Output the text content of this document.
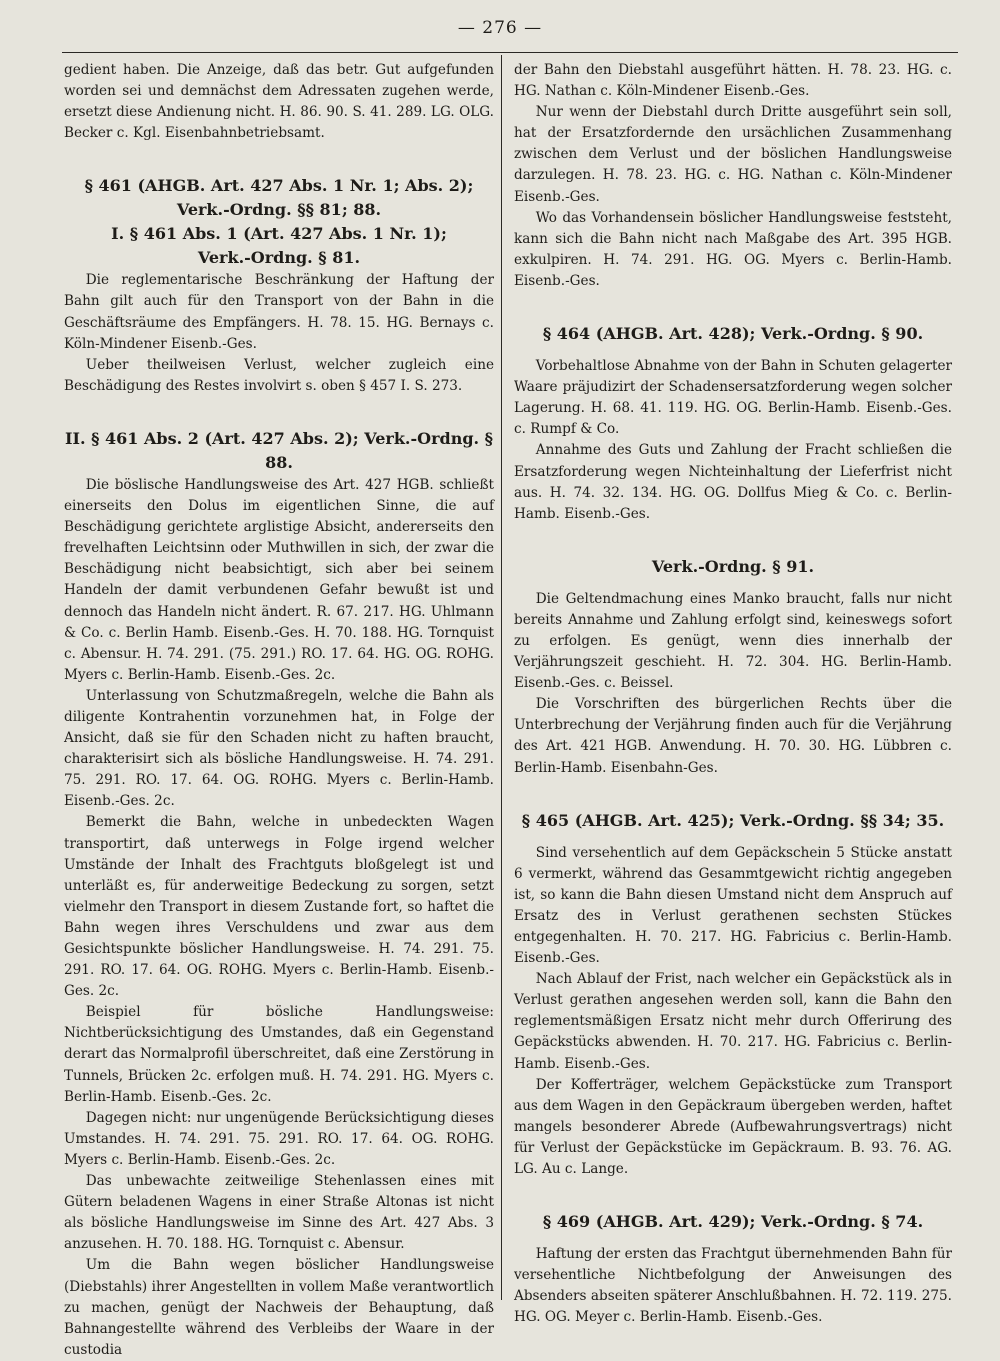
— 276 —

gedient haben. Die Anzeige, daß das betr. Gut aufgefunden worden sei und demnächst dem Adressaten zugehen werde, ersetzt diese Andienung nicht. H. 86. 90. S. 41. 289. LG. OLG. Becker c. Kgl. Eisenbahnbetriebsamt.

§ 461 (AHGB. Art. 427 Abs. 1 Nr. 1; Abs. 2);
Verk.-Ordng. §§ 81; 88.
I. § 461 Abs. 1 (Art. 427 Abs. 1 Nr. 1);
Verk.-Ordng. § 81.

Die reglementarische Beschränkung der Haftung der Bahn gilt auch für den Transport von der Bahn in die Geschäftsräume des Empfängers. H. 78. 15. HG. Bernays c. Köln-Mindener Eisenb.-Ges.

Ueber theilweisen Verlust, welcher zugleich eine Beschädigung des Restes involvirt s. oben § 457 I. S. 273.

II. § 461 Abs. 2 (Art. 427 Abs. 2); Verk.-Ordng. § 88.

Die böslische Handlungsweise des Art. 427 HGB. schließt einerseits den Dolus im eigentlichen Sinne, die auf Beschädigung gerichtete arglistige Absicht, andererseits den frevelhaften Leichtsinn oder Muthwillen in sich, der zwar die Beschädigung nicht beabsichtigt, sich aber bei seinem Handeln der damit verbundenen Gefahr bewußt ist und dennoch das Handeln nicht ändert. R. 67. 217. HG. Uhlmann & Co. c. Berlin Hamb. Eisenb.-Ges. H. 70. 188. HG. Tornquist c. Abensur. H. 74. 291. (75. 291.) RO. 17. 64. HG. OG. ROHG. Myers c. Berlin-Hamb. Eisenb.-Ges. 2c.

Unterlassung von Schutzmaßregeln, welche die Bahn als diligente Kontrahentin vorzunehmen hat, in Folge der Ansicht, daß sie für den Schaden nicht zu haften braucht, charakterisirt sich als bösliche Handlungsweise. H. 74. 291. 75. 291. RO. 17. 64. OG. ROHG. Myers c. Berlin-Hamb. Eisenb.-Ges. 2c.

Bemerkt die Bahn, welche in unbedeckten Wagen transportirt, daß unterwegs in Folge irgend welcher Umstände der Inhalt des Frachtguts bloßgelegt ist und unterläßt es, für anderweitige Bedeckung zu sorgen, setzt vielmehr den Transport in diesem Zustande fort, so haftet die Bahn wegen ihres Verschuldens und zwar aus dem Gesichtspunkte böslicher Handlungsweise. H. 74. 291. 75. 291. RO. 17. 64. OG. ROHG. Myers c. Berlin-Hamb. Eisenb.-Ges. 2c.

Beispiel für bösliche Handlungsweise: Nichtberücksichtigung des Umstandes, daß ein Gegenstand derart das Normalprofil überschreitet, daß eine Zerstörung in Tunnels, Brücken 2c. erfolgen muß. H. 74. 291. HG. Myers c. Berlin-Hamb. Eisenb.-Ges. 2c.

Dagegen nicht: nur ungenügende Berücksichtigung dieses Umstandes. H. 74. 291. 75. 291. RO. 17. 64. OG. ROHG. Myers c. Berlin-Hamb. Eisenb.-Ges. 2c.

Das unbewachte zeitweilige Stehenlassen eines mit Gütern beladenen Wagens in einer Straße Altonas ist nicht als bösliche Handlungsweise im Sinne des Art. 427 Abs. 3 anzusehen. H. 70. 188. HG. Tornquist c. Abensur.

Um die Bahn wegen böslicher Handlungsweise (Diebstahls) ihrer Angestellten in vollem Maße verantwortlich zu machen, genügt der Nachweis der Behauptung, daß Bahnangestellte während des Verbleibs der Waare in der custodia

der Bahn den Diebstahl ausgeführt hätten. H. 78. 23. HG. c. HG. Nathan c. Köln-Mindener Eisenb.-Ges.

Nur wenn der Diebstahl durch Dritte ausgeführt sein soll, hat der Ersatzfordernde den ursächlichen Zusammenhang zwischen dem Verlust und der böslichen Handlungsweise darzulegen. H. 78. 23. HG. c. HG. Nathan c. Köln-Mindener Eisenb.-Ges.

Wo das Vorhandensein böslicher Handlungsweise feststeht, kann sich die Bahn nicht nach Maßgabe des Art. 395 HGB. exkulpiren. H. 74. 291. HG. OG. Myers c. Berlin-Hamb. Eisenb.-Ges.

§ 464 (AHGB. Art. 428); Verk.-Ordng. § 90.

Vorbehaltlose Abnahme von der Bahn in Schuten gelagerter Waare präjudizirt der Schadensersatzforderung wegen solcher Lagerung. H. 68. 41. 119. HG. OG. Berlin-Hamb. Eisenb.-Ges. c. Rumpf & Co.

Annahme des Guts und Zahlung der Fracht schließen die Ersatzforderung wegen Nichteinhaltung der Lieferfrist nicht aus. H. 74. 32. 134. HG. OG. Dollfus Mieg & Co. c. Berlin-Hamb. Eisenb.-Ges.

Verk.-Ordng. § 91.

Die Geltendmachung eines Manko braucht, falls nur nicht bereits Annahme und Zahlung erfolgt sind, keineswegs sofort zu erfolgen. Es genügt, wenn dies innerhalb der Verjährungszeit geschieht. H. 72. 304. HG. Berlin-Hamb. Eisenb.-Ges. c. Beissel.

Die Vorschriften des bürgerlichen Rechts über die Unterbrechung der Verjährung finden auch für die Verjährung des Art. 421 HGB. Anwendung. H. 70. 30. HG. Lübbren c. Berlin-Hamb. Eisenbahn-Ges.

§ 465 (AHGB. Art. 425); Verk.-Ordng. §§ 34; 35.

Sind versehentlich auf dem Gepäckschein 5 Stücke anstatt 6 vermerkt, während das Gesammtgewicht richtig angegeben ist, so kann die Bahn diesen Umstand nicht dem Anspruch auf Ersatz des in Verlust gerathenen sechsten Stückes entgegenhalten. H. 70. 217. HG. Fabricius c. Berlin-Hamb. Eisenb.-Ges.

Nach Ablauf der Frist, nach welcher ein Gepäckstück als in Verlust gerathen angesehen werden soll, kann die Bahn den reglementsmäßigen Ersatz nicht mehr durch Offerirung des Gepäckstücks abwenden. H. 70. 217. HG. Fabricius c. Berlin-Hamb. Eisenb.-Ges.

Der Kofferträger, welchem Gepäckstücke zum Transport aus dem Wagen in den Gepäckraum übergeben werden, haftet mangels besonderer Abrede (Aufbewahrungsvertrags) nicht für Verlust der Gepäckstücke im Gepäckraum. B. 93. 76. AG. LG. Au c. Lange.

§ 469 (AHGB. Art. 429); Verk.-Ordng. § 74.

Haftung der ersten das Frachtgut übernehmenden Bahn für versehentliche Nichtbefolgung der Anweisungen des Absenders abseiten späterer Anschlußbahnen. H. 72. 119. 275. HG. OG. Meyer c. Berlin-Hamb. Eisenb.-Ges.
